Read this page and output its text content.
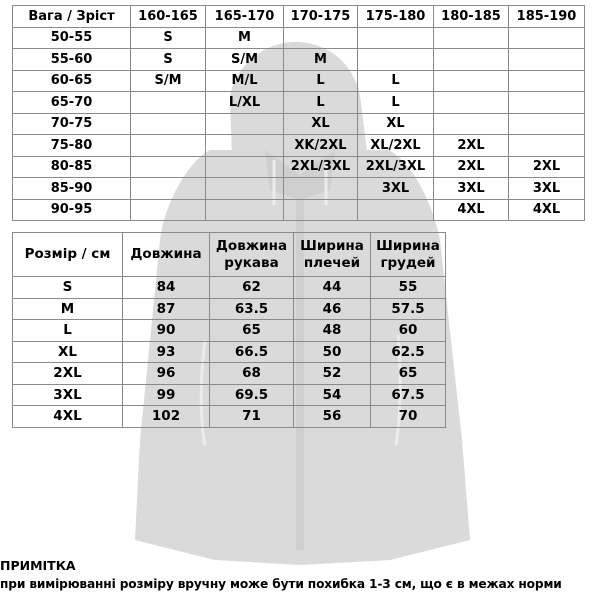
Вага / Зріст	160-165	165-170	170-175	175-180	180-185	185-190
50-55	S	M				
55-60	S	S/M	M			
60-65	S/M	M/L	L	L		
65-70		L/XL	L	L		
70-75			XL	XL		
75-80			XK/2XL	XL/2XL	2XL	
80-85			2XL/3XL	2XL/3XL	2XL	2XL
85-90				3XL	3XL	3XL
90-95					4XL	4XL
Розмір / см	Довжина	Довжина рукава	Ширина плечей	Ширина грудей
S	84	62	44	55
M	87	63.5	46	57.5
L	90	65	48	60
XL	93	66.5	50	62.5
2XL	96	68	52	65
3XL	99	69.5	54	67.5
4XL	102	71	56	70
ПРИМІТКА
при вимірюванні розміру вручну може бути похибка 1-3 см, що є в межах норми
